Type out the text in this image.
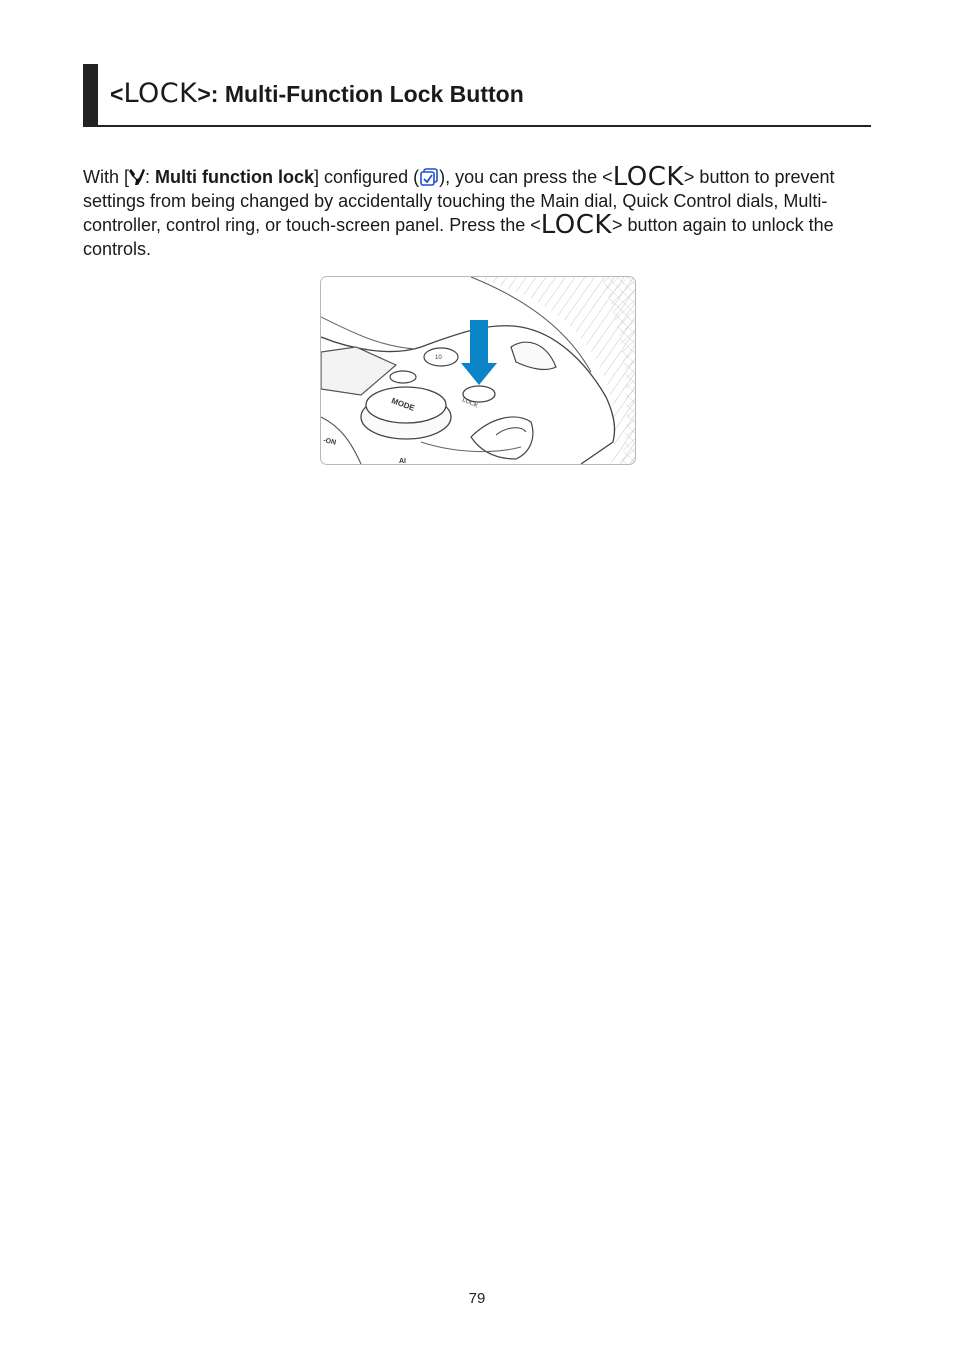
<LOCK>: Multi-Function Lock Button

With [ : Multi function lock] configured ( ), you can press the <LOCK> button to prevent settings from being changed by accidentally touching the Main dial, Quick Control dials, Multi-controller, control ring, or touch-screen panel. Press the <LOCK> button again to unlock the controls.

MODE
10
LOCK
-ON
AI
79
